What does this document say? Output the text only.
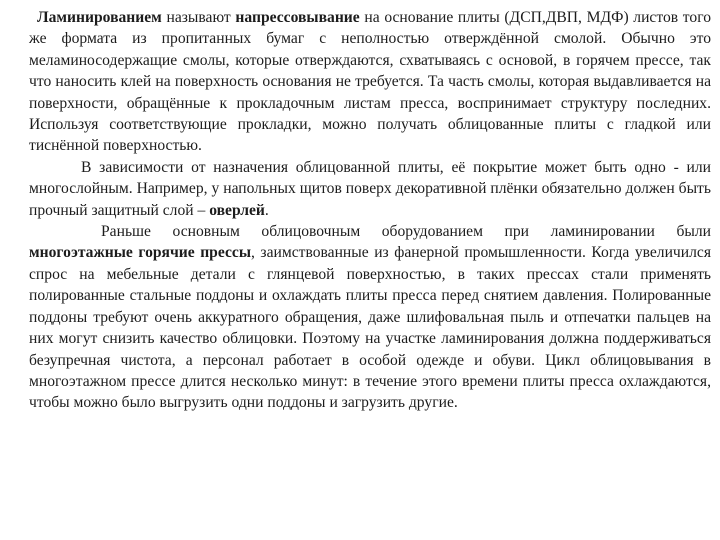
Ламинированием называют напрессовывание на основание плиты (ДСП,ДВП, МДФ) листов того же формата из пропитанных бумаг с неполностью отверждённой смолой. Обычно это меламиносодержащие смолы, которые отверждаются, схватываясь с основой, в горячем прессе, так что наносить клей на поверхность основания не требуется. Та часть смолы, которая выдавливается на поверхности, обращённые к прокладочным листам пресса, воспринимает структуру последних. Используя соответствующие прокладки, можно получать облицованные плиты с гладкой или тиснённой поверхностью.

В зависимости от назначения облицованной плиты, её покрытие может быть одно - или многослойным. Например, у напольных щитов поверх декоративной плёнки обязательно должен быть прочный защитный слой – оверлей.

Раньше основным облицовочным оборудованием при ламинировании были многоэтажные горячие прессы, заимствованные из фанерной промышленности. Когда увеличился спрос на мебельные детали с глянцевой поверхностью, в таких прессах стали применять полированные стальные поддоны и охлаждать плиты пресса перед снятием давления. Полированные поддоны требуют очень аккуратного обращения, даже шлифовальная пыль и отпечатки пальцев на них могут снизить качество облицовки. Поэтому на участке ламинирования должна поддерживаться безупречная чистота, а персонал работает в особой одежде и обуви. Цикл облицовывания в многоэтажном прессе длится несколько минут: в течение этого времени плиты пресса охлаждаются, чтобы можно было выгрузить одни поддоны и загрузить другие.
